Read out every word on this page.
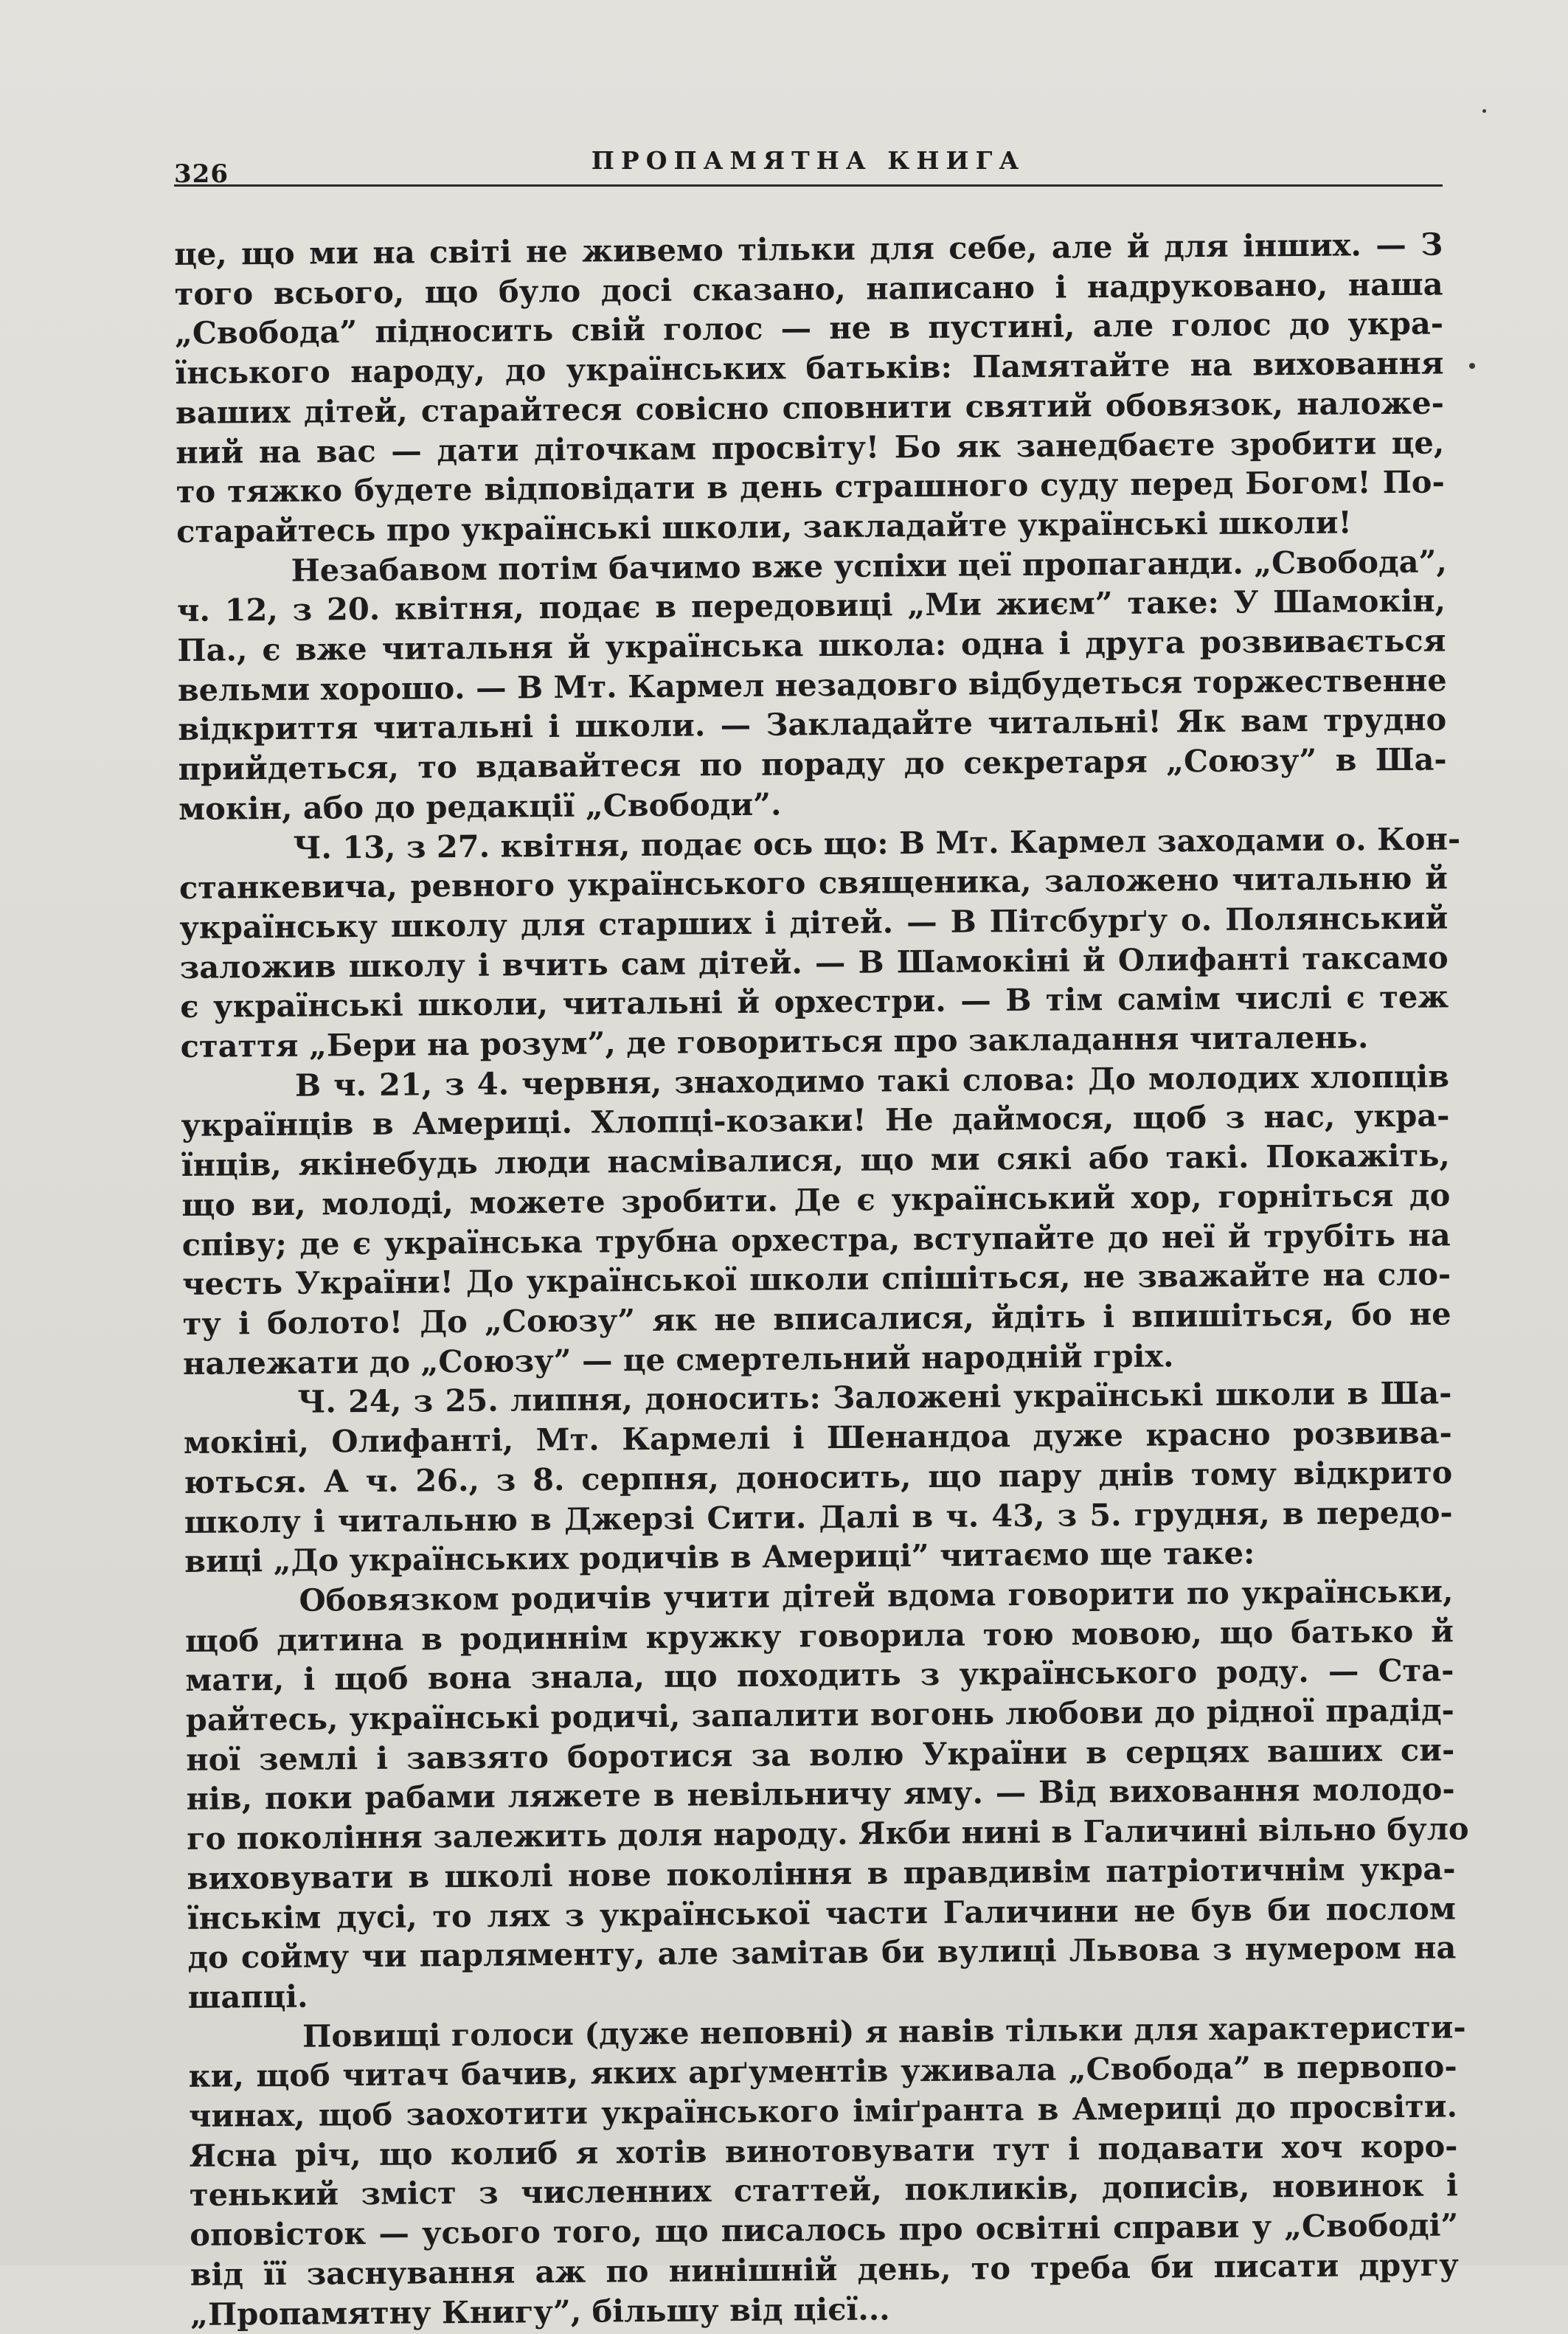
326	ПРОПАМЯТНА КНИГА
це, що ми на світі не живемо тільки для себе, але й для інших. — З
того всього, що було досі сказано, написано і надруковано, наша
„Свобода” підносить свій голос — не в пустині, але голос до укра-
їнського народу, до українських батьків: Памятайте на виховання
ваших дітей, старайтеся совісно сповнити святий обовязок, наложе-
ний на вас — дати діточкам просвіту! Бо як занедбаєте зробити це,
то тяжко будете відповідати в день страшного суду перед Богом! По-
старайтесь про українські школи, закладайте українські школи!
Незабавом потім бачимо вже успіхи цеї пропаганди. „Свобода”,
ч. 12, з 20. квітня, подає в передовиці „Ми жиєм” таке: У Шамокін,
Па., є вже читальня й українська школа: одна і друга розвивається
вельми хорошо. — В Мт. Кармел незадовго відбудеться торжественне
відкриття читальні і школи. — Закладайте читальні! Як вам трудно
прийдеться, то вдавайтеся по пораду до секретаря „Союзу” в Ша-
мокін, або до редакції „Свободи”.
Ч. 13, з 27. квітня, подає ось що: В Мт. Кармел заходами о. Кон-
станкевича, ревного українського священика, заложено читальню й
українську школу для старших і дітей. — В Пітсбурґу о. Полянський
заложив школу і вчить сам дітей. — В Шамокіні й Олифанті таксамо
є українські школи, читальні й орхестри. — В тім самім числі є теж
стаття „Бери на розум”, де говориться про закладання читалень.
В ч. 21, з 4. червня, знаходимо такі слова: До молодих хлопців
українців в Америці. Хлопці-козаки! Не даймося, щоб з нас, укра-
їнців, якінебудь люди насмівалися, що ми сякі або такі. Покажіть,
що ви, молоді, можете зробити. Де є український хор, горніться до
співу; де є українська трубна орхестра, вступайте до неї й трубіть на
честь України! До української школи спішіться, не зважайте на сло-
ту і болото! До „Союзу” як не вписалися, йдіть і впишіться, бо не
належати до „Союзу” — це смертельний народній гріх.
Ч. 24, з 25. липня, доносить: Заложені українські школи в Ша-
мокіні, Олифанті, Мт. Кармелі і Шенандоа дуже красно розвива-
ються. А ч. 26., з 8. серпня, доносить, що пару днів тому відкрито
школу і читальню в Джерзі Сити. Далі в ч. 43, з 5. грудня, в передо-
виці „До українських родичів в Америці” читаємо ще таке:
Обовязком родичів учити дітей вдома говорити по українськи,
щоб дитина в родиннім кружку говорила тою мовою, що батько й
мати, і щоб вона знала, що походить з українського роду. — Ста-
райтесь, українські родичі, запалити вогонь любови до рідної прадід-
ної землі і завзято боротися за волю України в серцях ваших си-
нів, поки рабами ляжете в невільничу яму. — Від виховання молодо-
го покоління залежить доля народу. Якби нині в Галичині вільно було
виховувати в школі нове покоління в правдивім патріотичнім укра-
їнськім дусі, то лях з української части Галичини не був би послом
до сойму чи парляменту, але замітав би вулиці Львова з нумером на
шапці.
Повищі голоси (дуже неповні) я навів тільки для характеристи-
ки, щоб читач бачив, яких арґументів уживала „Свобода” в первопо-
чинах, щоб заохотити українського іміґранта в Америці до просвіти.
Ясна річ, що колиб я хотів винотовувати тут і подавати хоч корo-
тенький зміст з численних статтей, покликів, дописів, новинок і
оповісток — усього того, що писалось про освітні справи у „Свободі”
від її заснування аж по нинішній день, то треба би писати другу
„Пропамятну Книгу”, більшу від цієї...
